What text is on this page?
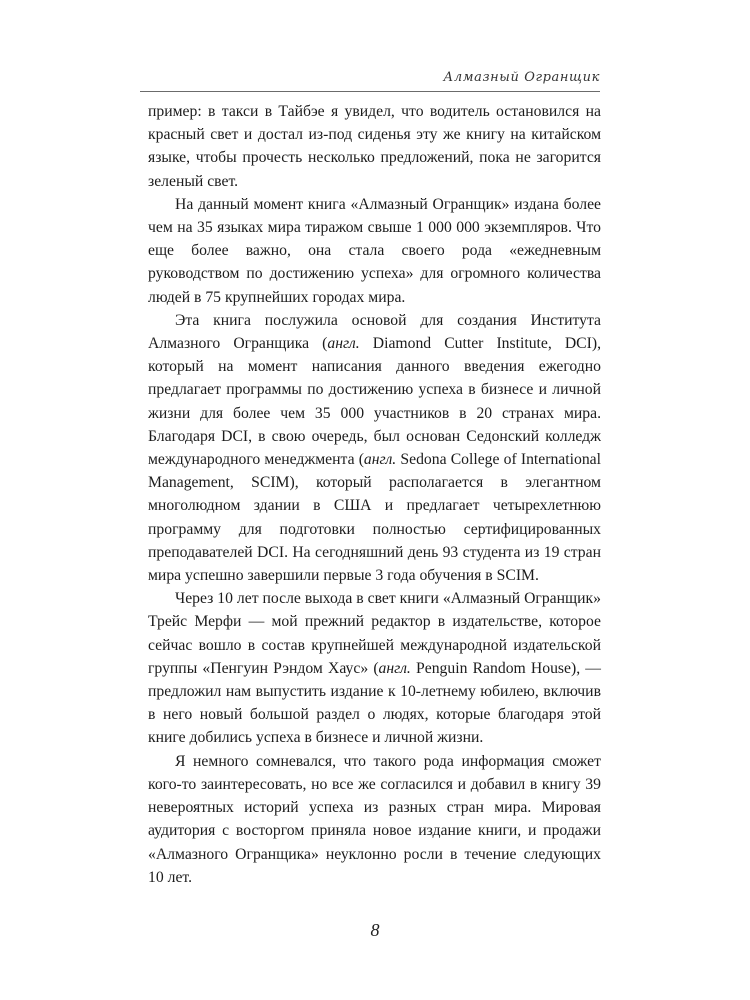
Алмазный Огранщик

пример: в такси в Тайбэе я увидел, что водитель остановился на красный свет и достал из-под сиденья эту же книгу на китайском языке, чтобы прочесть несколько предложений, пока не загорится зеленый свет.

На данный момент книга «Алмазный Огранщик» издана более чем на 35 языках мира тиражом свыше 1 000 000 экземпляров. Что еще более важно, она стала своего рода «ежедневным руководством по достижению успеха» для огромного количества людей в 75 крупнейших городах мира.

Эта книга послужила основой для создания Института Алмазного Огранщика (англ. Diamond Cutter Institute, DCI), который на момент написания данного введения ежегодно предлагает программы по достижению успеха в бизнесе и личной жизни для более чем 35 000 участников в 20 странах мира. Благодаря DCI, в свою очередь, был основан Седонский колледж международного менеджмента (англ. Sedona College of International Management, SCIM), который располагается в элегантном многолюдном здании в США и предлагает четырехлетнюю программу для подготовки полностью сертифицированных преподавателей DCI. На сегодняшний день 93 студента из 19 стран мира успешно завершили первые 3 года обучения в SCIM.

Через 10 лет после выхода в свет книги «Алмазный Огранщик» Трейс Мерфи — мой прежний редактор в издательстве, которое сейчас вошло в состав крупнейшей международной издательской группы «Пенгуин Рэндом Хаус» (англ. Penguin Random House), — предложил нам выпустить издание к 10-летнему юбилею, включив в него новый большой раздел о людях, которые благодаря этой книге добились успеха в бизнесе и личной жизни.

Я немного сомневался, что такого рода информация сможет кого-то заинтересовать, но все же согласился и добавил в книгу 39 невероятных историй успеха из разных стран мира. Мировая аудитория с восторгом приняла новое издание книги, и продажи «Алмазного Огранщика» неуклонно росли в течение следующих 10 лет.

8
